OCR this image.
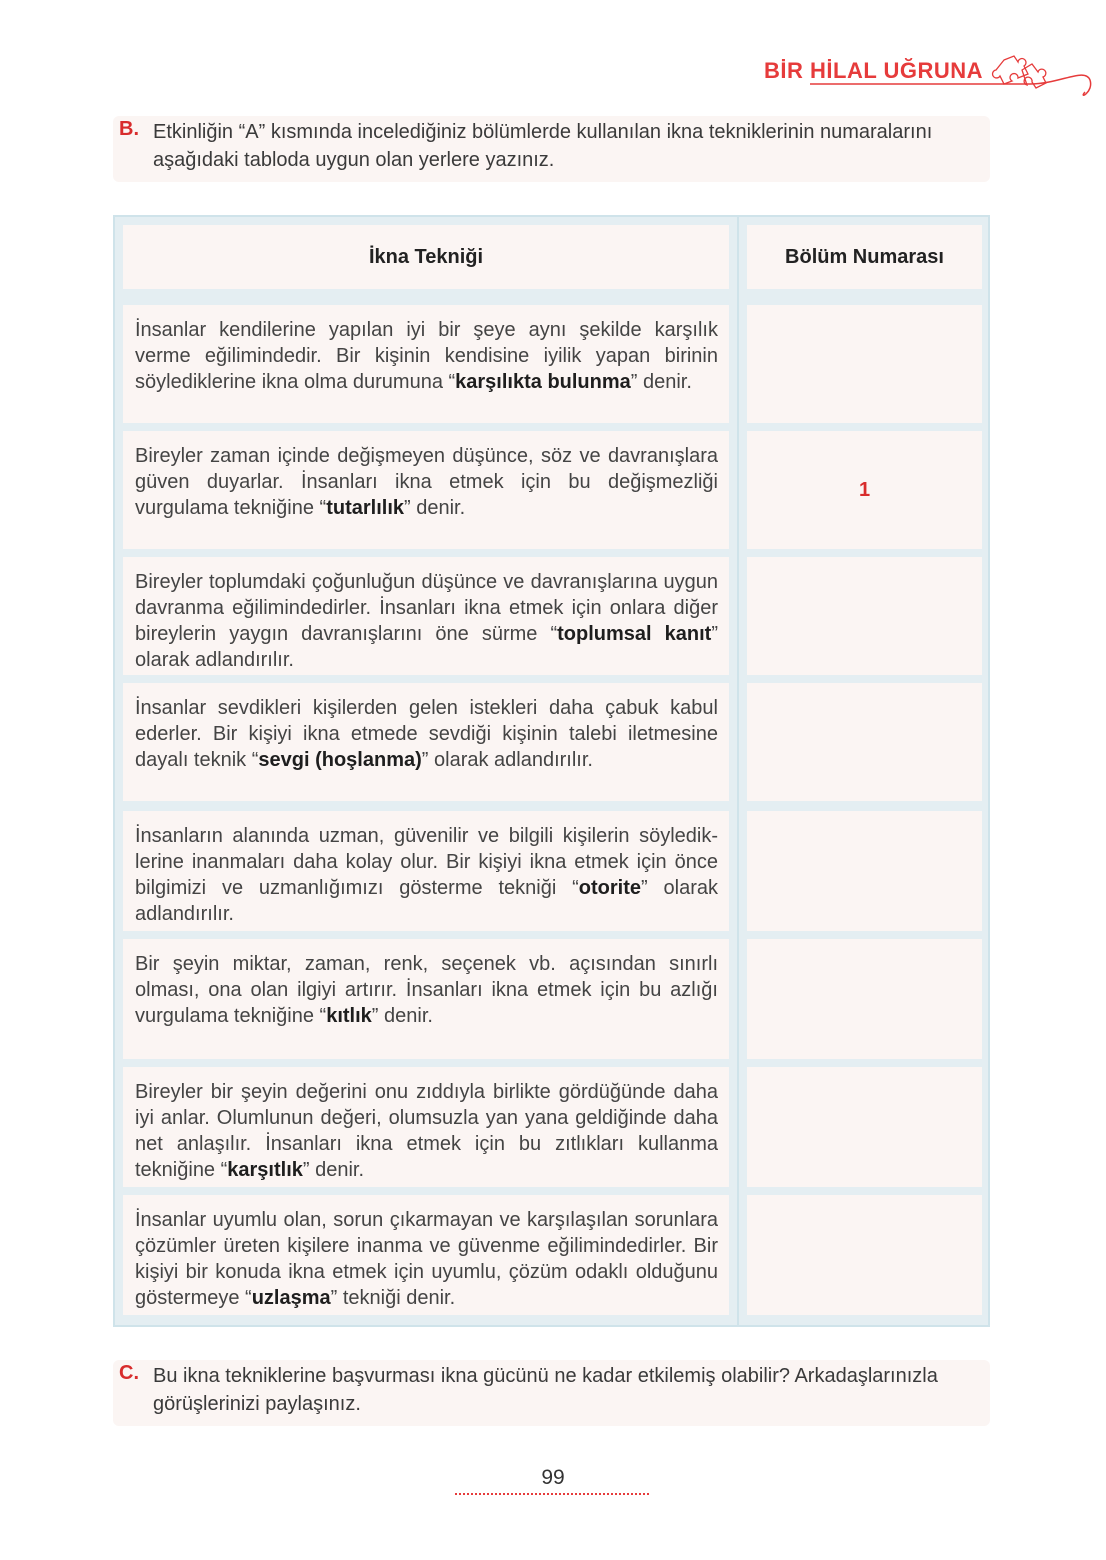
BİR HİLAL UĞRUNA
B. Etkinliğin “A” kısmında incelediğiniz bölümlerde kullanılan ikna tekniklerinin numaralarını aşağıdaki tabloda uygun olan yerlere yazınız.
İkna Tekniği	Bölüm Numarası
İnsanlar kendilerine yapılan iyi bir şeye aynı şekilde karşılık verme eğilimindedir. Bir kişinin kendisine iyilik yapan birinin söylediklerine ikna olma durumuna “karşılıkta bulunma” denir.
Bireyler zaman içinde değişmeyen düşünce, söz ve davranışlara güven duyarlar. İnsanları ikna etmek için bu değişmezliği vurgulama tekniğine “tutarlılık” denir.
1
Bireyler toplumdaki çoğunluğun düşünce ve davranışlarına uygun davranma eğilimindedirler. İnsanları ikna etmek için onlara diğer bireylerin yaygın davranışlarını öne sürme “toplumsal kanıt” olarak adlandırılır.
İnsanlar sevdikleri kişilerden gelen istekleri daha çabuk kabul ederler. Bir kişiyi ikna etmede sevdiği kişinin talebi iletmesine dayalı teknik “sevgi (hoşlanma)” olarak adlandırılır.
İnsanların alanında uzman, güvenilir ve bilgili kişilerin söylediklerine inanmaları daha kolay olur. Bir kişiyi ikna etmek için önce bilgimizi ve uzmanlığımızı gösterme tekniği “otorite” olarak adlandırılır.
Bir şeyin miktar, zaman, renk, seçenek vb. açısından sınırlı olması, ona olan ilgiyi artırır. İnsanları ikna etmek için bu azlığı vurgulama tekniğine “kıtlık” denir.
Bireyler bir şeyin değerini onu zıddıyla birlikte gördüğünde daha iyi anlar. Olumlunun değeri, olumsuzla yan yana geldiğinde daha net anlaşılır. İnsanları ikna etmek için bu zıtlıkları kullanma tekniğine “karşıtlık” denir.
İnsanlar uyumlu olan, sorun çıkarmayan ve karşılaşılan sorunlara çözümler üreten kişilere inanma ve güvenme eğilimindedirler. Bir kişiyi bir konuda ikna etmek için uyumlu, çözüm odaklı olduğunu göstermeye “uzlaşma” tekniği denir.
C. Bu ikna tekniklerine başvurması ikna gücünü ne kadar etkilemiş olabilir? Arkadaşlarınızla görüşlerinizi paylaşınız.
99
